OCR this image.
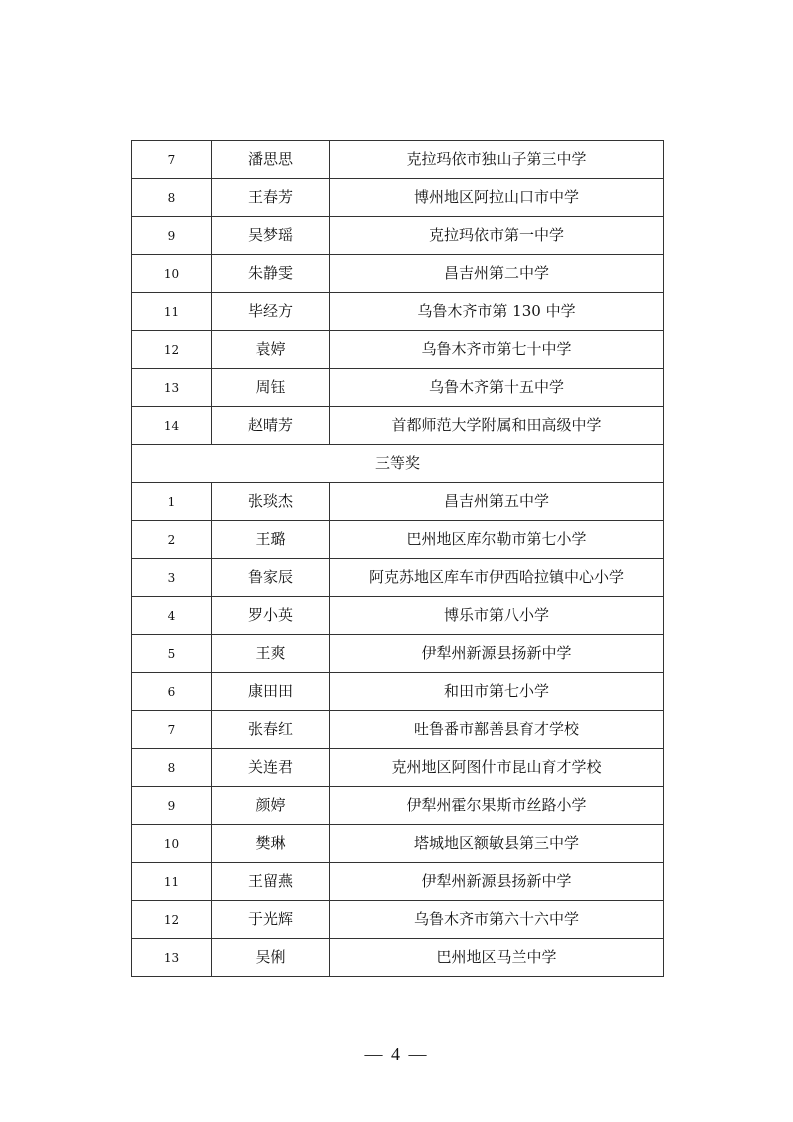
7	潘思思	克拉玛依市独山子第三中学
8	王春芳	博州地区阿拉山口市中学
9	吴梦瑶	克拉玛依市第一中学
10	朱静雯	昌吉州第二中学
11	毕经方	乌鲁木齐市第 130 中学
12	袁婷	乌鲁木齐市第七十中学
13	周钰	乌鲁木齐第十五中学
14	赵晴芳	首都师范大学附属和田高级中学
三等奖		
1	张琰杰	昌吉州第五中学
2	王璐	巴州地区库尔勒市第七小学
3	鲁家辰	阿克苏地区库车市伊西哈拉镇中心小学
4	罗小英	博乐市第八小学
5	王爽	伊犁州新源县扬新中学
6	康田田	和田市第七小学
7	张春红	吐鲁番市鄯善县育才学校
8	关连君	克州地区阿图什市昆山育才学校
9	颜婷	伊犁州霍尔果斯市丝路小学
10	樊琳	塔城地区额敏县第三中学
11	王留燕	伊犁州新源县扬新中学
12	于光辉	乌鲁木齐市第六十六中学
13	吴俐	巴州地区马兰中学
— 4 —
